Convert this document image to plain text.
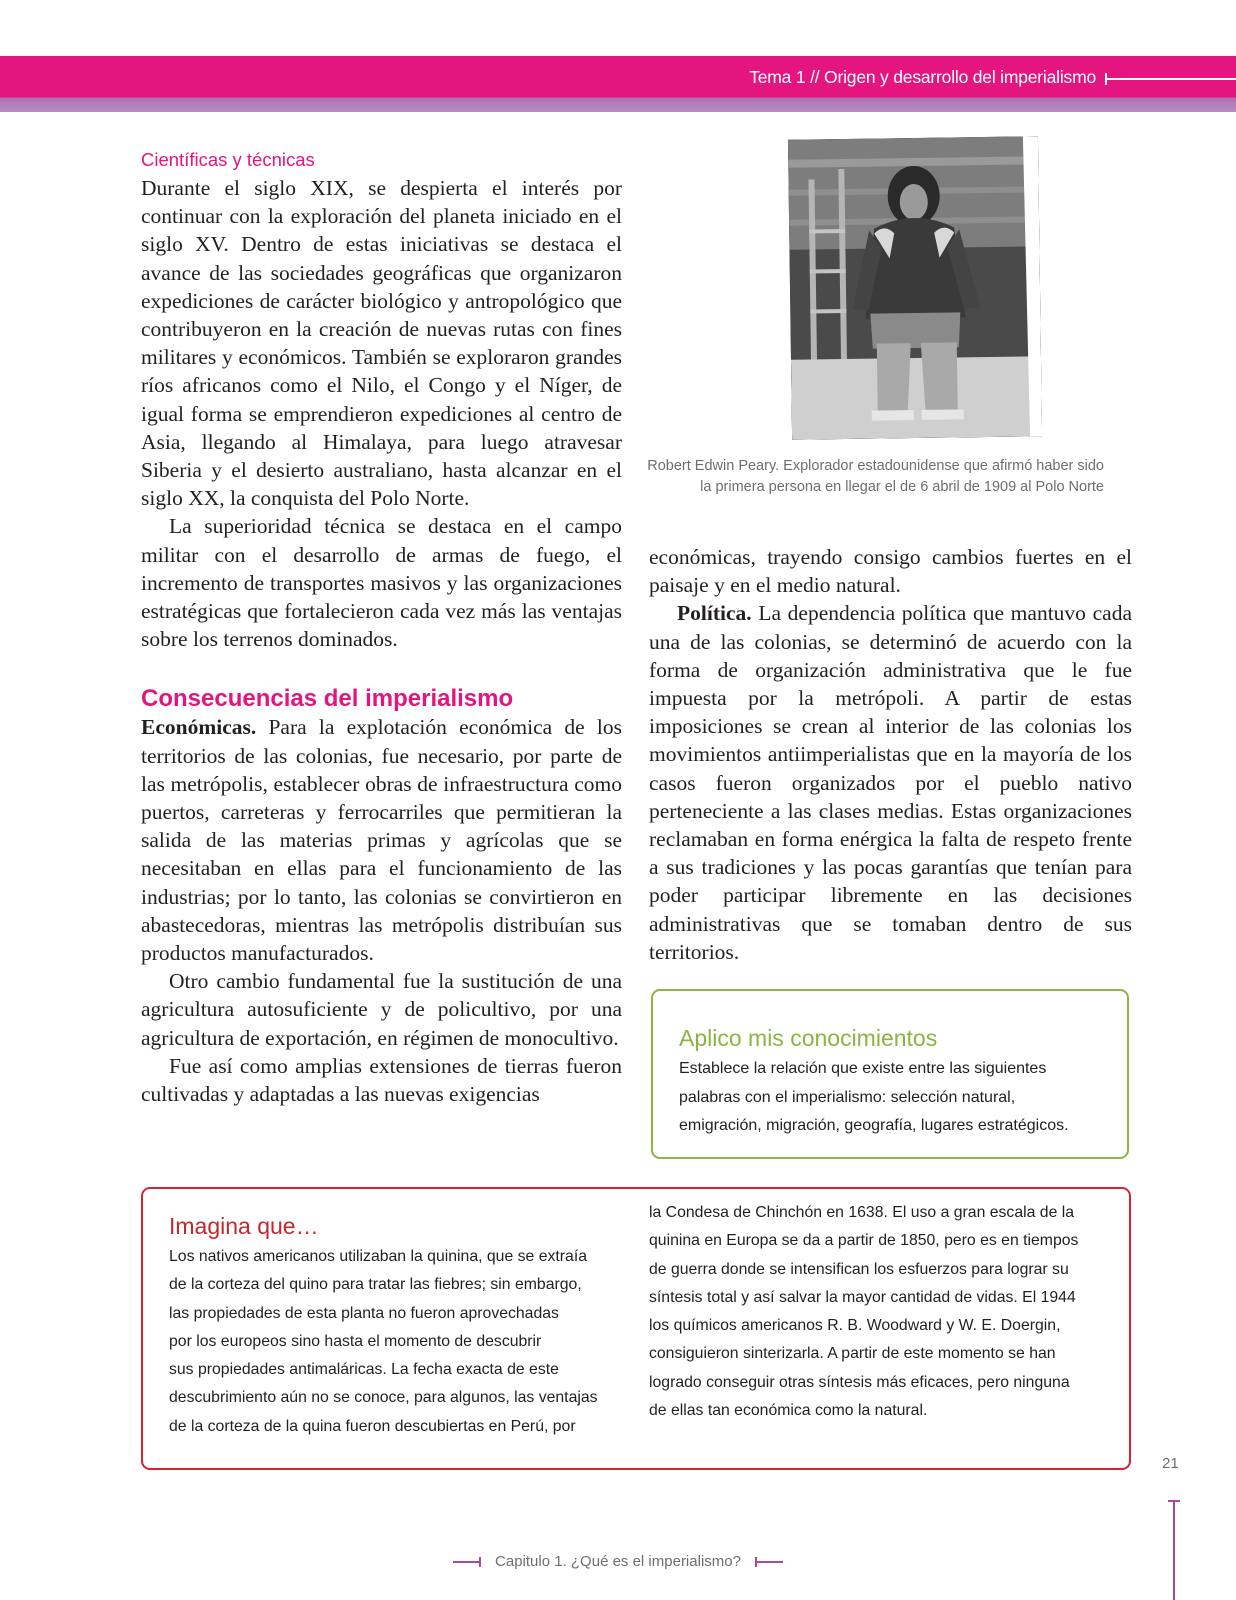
Tema 1 // Origen y desarrollo del imperialismo

Científicas y técnicas

Durante el siglo XIX, se despierta el interés por continuar con la exploración del planeta iniciado en el siglo XV. Dentro de estas iniciativas se destaca el avance de las sociedades geográficas que organizaron expediciones de carácter biológico y antropológico que contribuyeron en la creación de nuevas rutas con fines militares y económicos. También se exploraron grandes ríos africanos como el Nilo, el Congo y el Níger, de igual forma se emprendieron expediciones al centro de Asia, llegando al Himalaya, para luego atravesar Siberia y el desierto australiano, hasta alcanzar en el siglo XX, la conquista del Polo Norte.

La superioridad técnica se destaca en el campo militar con el desarrollo de armas de fuego, el incremento de transportes masivos y las organizaciones estratégicas que fortalecieron cada vez más las ventajas sobre los terrenos dominados.

Consecuencias del imperialismo

Económicas. Para la explotación económica de los territorios de las colonias, fue necesario, por parte de las metrópolis, establecer obras de infraestructura como puertos, carreteras y ferrocarriles que permitieran la salida de las materias primas y agrícolas que se necesitaban en ellas para el funcionamiento de las industrias; por lo tanto, las colonias se convirtieron en abastecedoras, mientras las metrópolis distribuían sus productos manufacturados.

Otro cambio fundamental fue la sustitución de una agricultura autosuficiente y de policultivo, por una agricultura de exportación, en régimen de monocultivo.

Fue así como amplias extensiones de tierras fueron cultivadas y adaptadas a las nuevas exigencias

Robert Edwin Peary. Explorador estadounidense que afirmó haber sido la primera persona en llegar el de 6 abril de 1909 al Polo Norte

económicas, trayendo consigo cambios fuertes en el paisaje y en el medio natural.

Política. La dependencia política que mantuvo cada una de las colonias, se determinó de acuerdo con la forma de organización administrativa que le fue impuesta por la metrópoli. A partir de estas imposiciones se crean al interior de las colonias los movimientos antiimperialistas que en la mayoría de los casos fueron organizados por el pueblo nativo perteneciente a las clases medias. Estas organizaciones reclamaban en forma enérgica la falta de respeto frente a sus tradiciones y las pocas garantías que tenían para poder participar libremente en las decisiones administrativas que se tomaban dentro de sus territorios.

Aplico mis conocimientos
Establece la relación que existe entre las siguientes
palabras con el imperialismo: selección natural,
emigración, migración, geografía, lugares estratégicos.
Imagina que…
Los nativos americanos utilizaban la quinina, que se extraía
de la corteza del quino para tratar las fiebres; sin embargo,
las propiedades de esta planta no fueron aprovechadas
por los europeos sino hasta el momento de descubrir
sus propiedades antimaláricas. La fecha exacta de este
descubrimiento aún no se conoce, para algunos, las ventajas
de la corteza de la quina fueron descubiertas en Perú, por
la Condesa de Chinchón en 1638. El uso a gran escala de la
quinina en Europa se da a partir de 1850, pero es en tiempos
de guerra donde se intensifican los esfuerzos para lograr su
síntesis total y así salvar la mayor cantidad de vidas. El 1944
los químicos americanos R. B. Woodward y W. E. Doergin,
consiguieron sinterizarla. A partir de este momento se han
logrado conseguir otras síntesis más eficaces, pero ninguna
de ellas tan económica como la natural.
21
Capitulo 1. ¿Qué es el imperialismo?
